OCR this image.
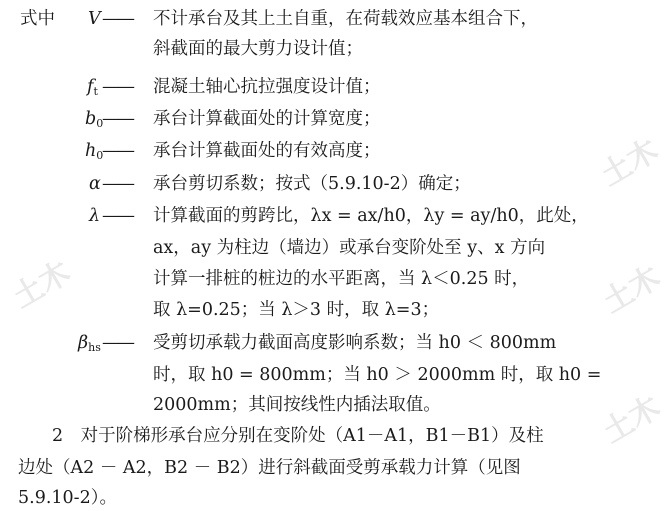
土木
土木
土木
土木
式中 V —— 不计承台及其上土自重，在荷载效应基本组合下，
斜截面的最大剪力设计值；
$f_t$ —— 混凝土轴心抗拉强度设计值；
$b_0$
—— 承台计算截面处的计算宽度；
$h_0$
—— 承台计算截面处的有效高度；
α —— 承台剪切系数；按式（5.9.10-2）确定；
λ —— 计算截面的剪跨比，λx = ax/h0，λy = ay/h0，此处，
ax，ay 为柱边（墙边）或承台变阶处至 y、x 方向
计算一排桩的桩边的水平距离，当 λ＜0.25 时，
取 λ=0.25；当 λ＞3 时，取 λ=3；
$\beta_{hs}$ —— 受剪切承载力截面高度影响系数；当 h0 ＜ 800mm
时，取 h0 = 800mm；当 h0 ＞ 2000mm 时，取 h0 =
2000mm；其间按线性内插法取值。
2　对于阶梯形承台应分别在变阶处（A1－A1，B1－B1）及柱
边处（A2 － A2，B2 － B2）进行斜截面受剪承载力计算（见图
5.9.10-2）。
